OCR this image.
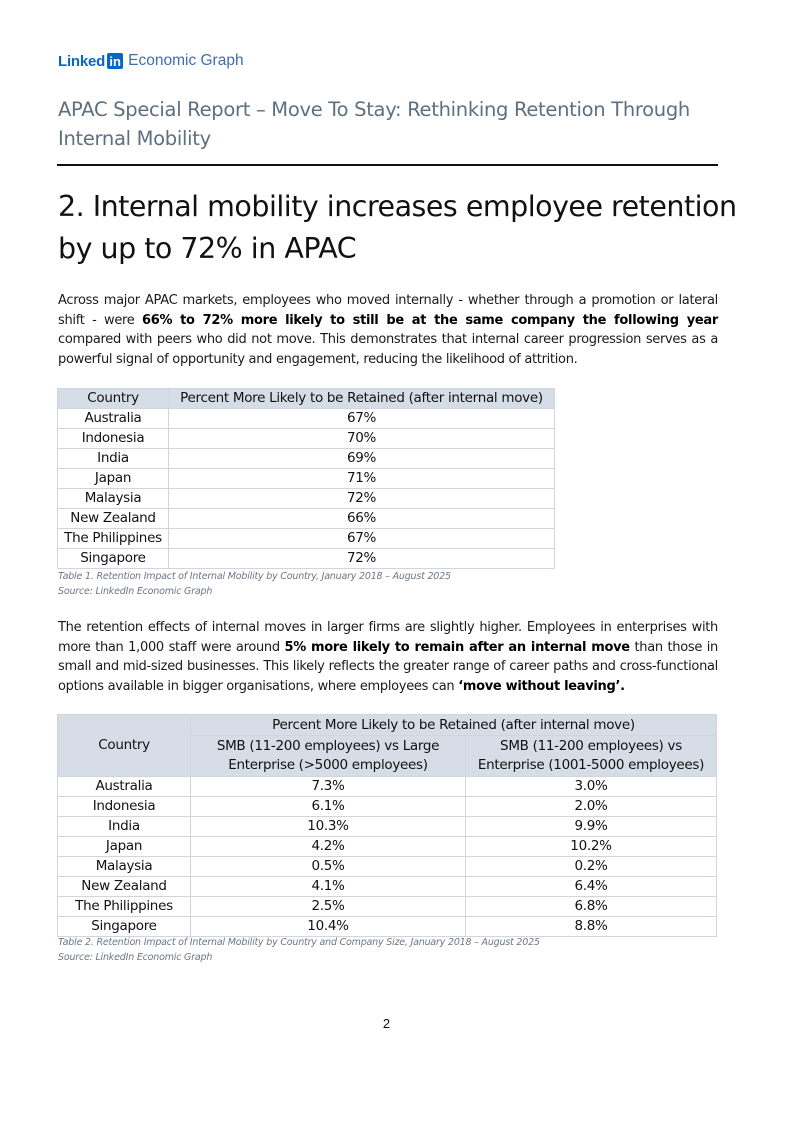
Linked in Economic Graph
APAC Special Report – Move To Stay: Rethinking Retention Through Internal Mobility
2. Internal mobility increases employee retention by up to 72% in APAC
Across major APAC markets, employees who moved internally - whether through a promotion or lateral shift - were 66% to 72% more likely to still be at the same company the following year compared with peers who did not move. This demonstrates that internal career progression serves as a powerful signal of opportunity and engagement, reducing the likelihood of attrition.
Country	Percent More Likely to be Retained (after internal move)
Australia	67%
Indonesia	70%
India	69%
Japan	71%
Malaysia	72%
New Zealand	66%
The Philippines	67%
Singapore	72%
Table 1. Retention Impact of Internal Mobility by Country, January 2018 – August 2025
Source: LinkedIn Economic Graph
The retention effects of internal moves in larger firms are slightly higher. Employees in enterprises with more than 1,000 staff were around 5% more likely to remain after an internal move than those in small and mid-sized businesses. This likely reflects the greater range of career paths and cross-functional options available in bigger organisations, where employees can ‘move without leaving’.
	Percent More Likely to be Retained (after internal move)	
Country	SMB (11-200 employees) vs Large Enterprise (>5000 employees)	SMB (11-200 employees) vs Enterprise (1001-5000 employees)
Australia	7.3%	3.0%
Indonesia	6.1%	2.0%
India	10.3%	9.9%
Japan	4.2%	10.2%
Malaysia	0.5%	0.2%
New Zealand	4.1%	6.4%
The Philippines	2.5%	6.8%
Singapore	10.4%	8.8%
Table 2. Retention Impact of Internal Mobility by Country and Company Size, January 2018 – August 2025
Source: LinkedIn Economic Graph
2
